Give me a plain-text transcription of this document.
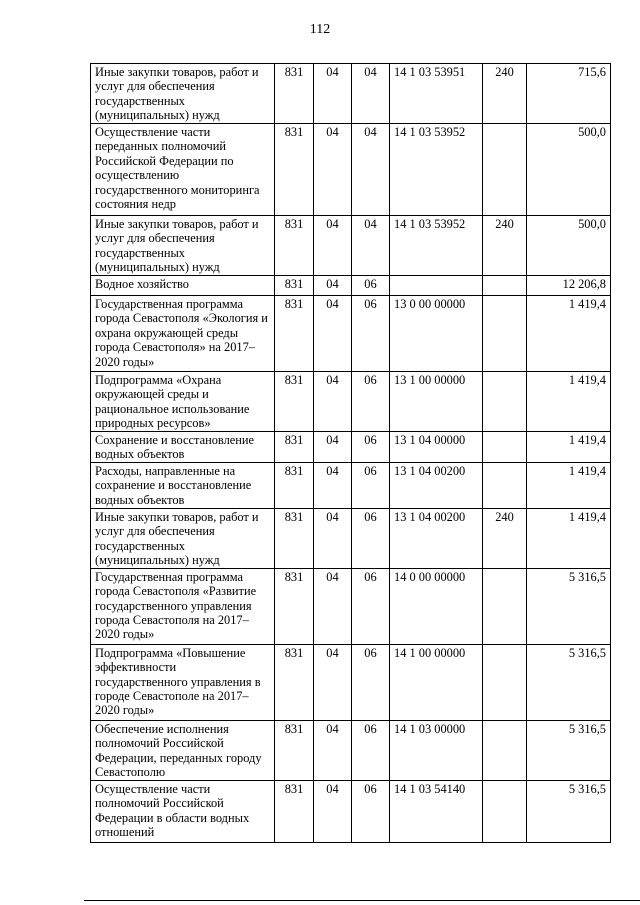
112
Иные закупки товаров, работ и услуг для обеспечения государственных (муниципальных) нужд	831	04	04	14 1 03 53951	240	715,6
Осуществление части переданных полномочий Российской Федерации по осуществлению государственного мониторинга состояния недр	831	04	04	14 1 03 53952		500,0
Иные закупки товаров, работ и услуг для обеспечения государственных (муниципальных) нужд	831	04	04	14 1 03 53952	240	500,0
Водное хозяйство	831	04	06			12 206,8
Государственная программа города Севастополя «Экология и охрана окружающей среды города Севастополя» на 2017–2020 годы»	831	04	06	13 0 00 00000		1 419,4
Подпрограмма «Охрана окружающей среды и рациональное использование природных ресурсов»	831	04	06	13 1 00 00000		1 419,4
Сохранение и восстановление водных объектов	831	04	06	13 1 04 00000		1 419,4
Расходы, направленные на сохранение и восстановление водных объектов	831	04	06	13 1 04 00200		1 419,4
Иные закупки товаров, работ и услуг для обеспечения государственных (муниципальных) нужд	831	04	06	13 1 04 00200	240	1 419,4
Государственная программа города Севастополя «Развитие государственного управления города Севастополя на 2017–2020 годы»	831	04	06	14 0 00 00000		5 316,5
Подпрограмма «Повышение эффективности государственного управления в городе Севастополе на 2017–2020 годы»	831	04	06	14 1 00 00000		5 316,5
Обеспечение исполнения полномочий Российской Федерации, переданных городу Севастополю	831	04	06	14 1 03 00000		5 316,5
Осуществление части полномочий Российской Федерации в области водных отношений	831	04	06	14 1 03 54140		5 316,5
